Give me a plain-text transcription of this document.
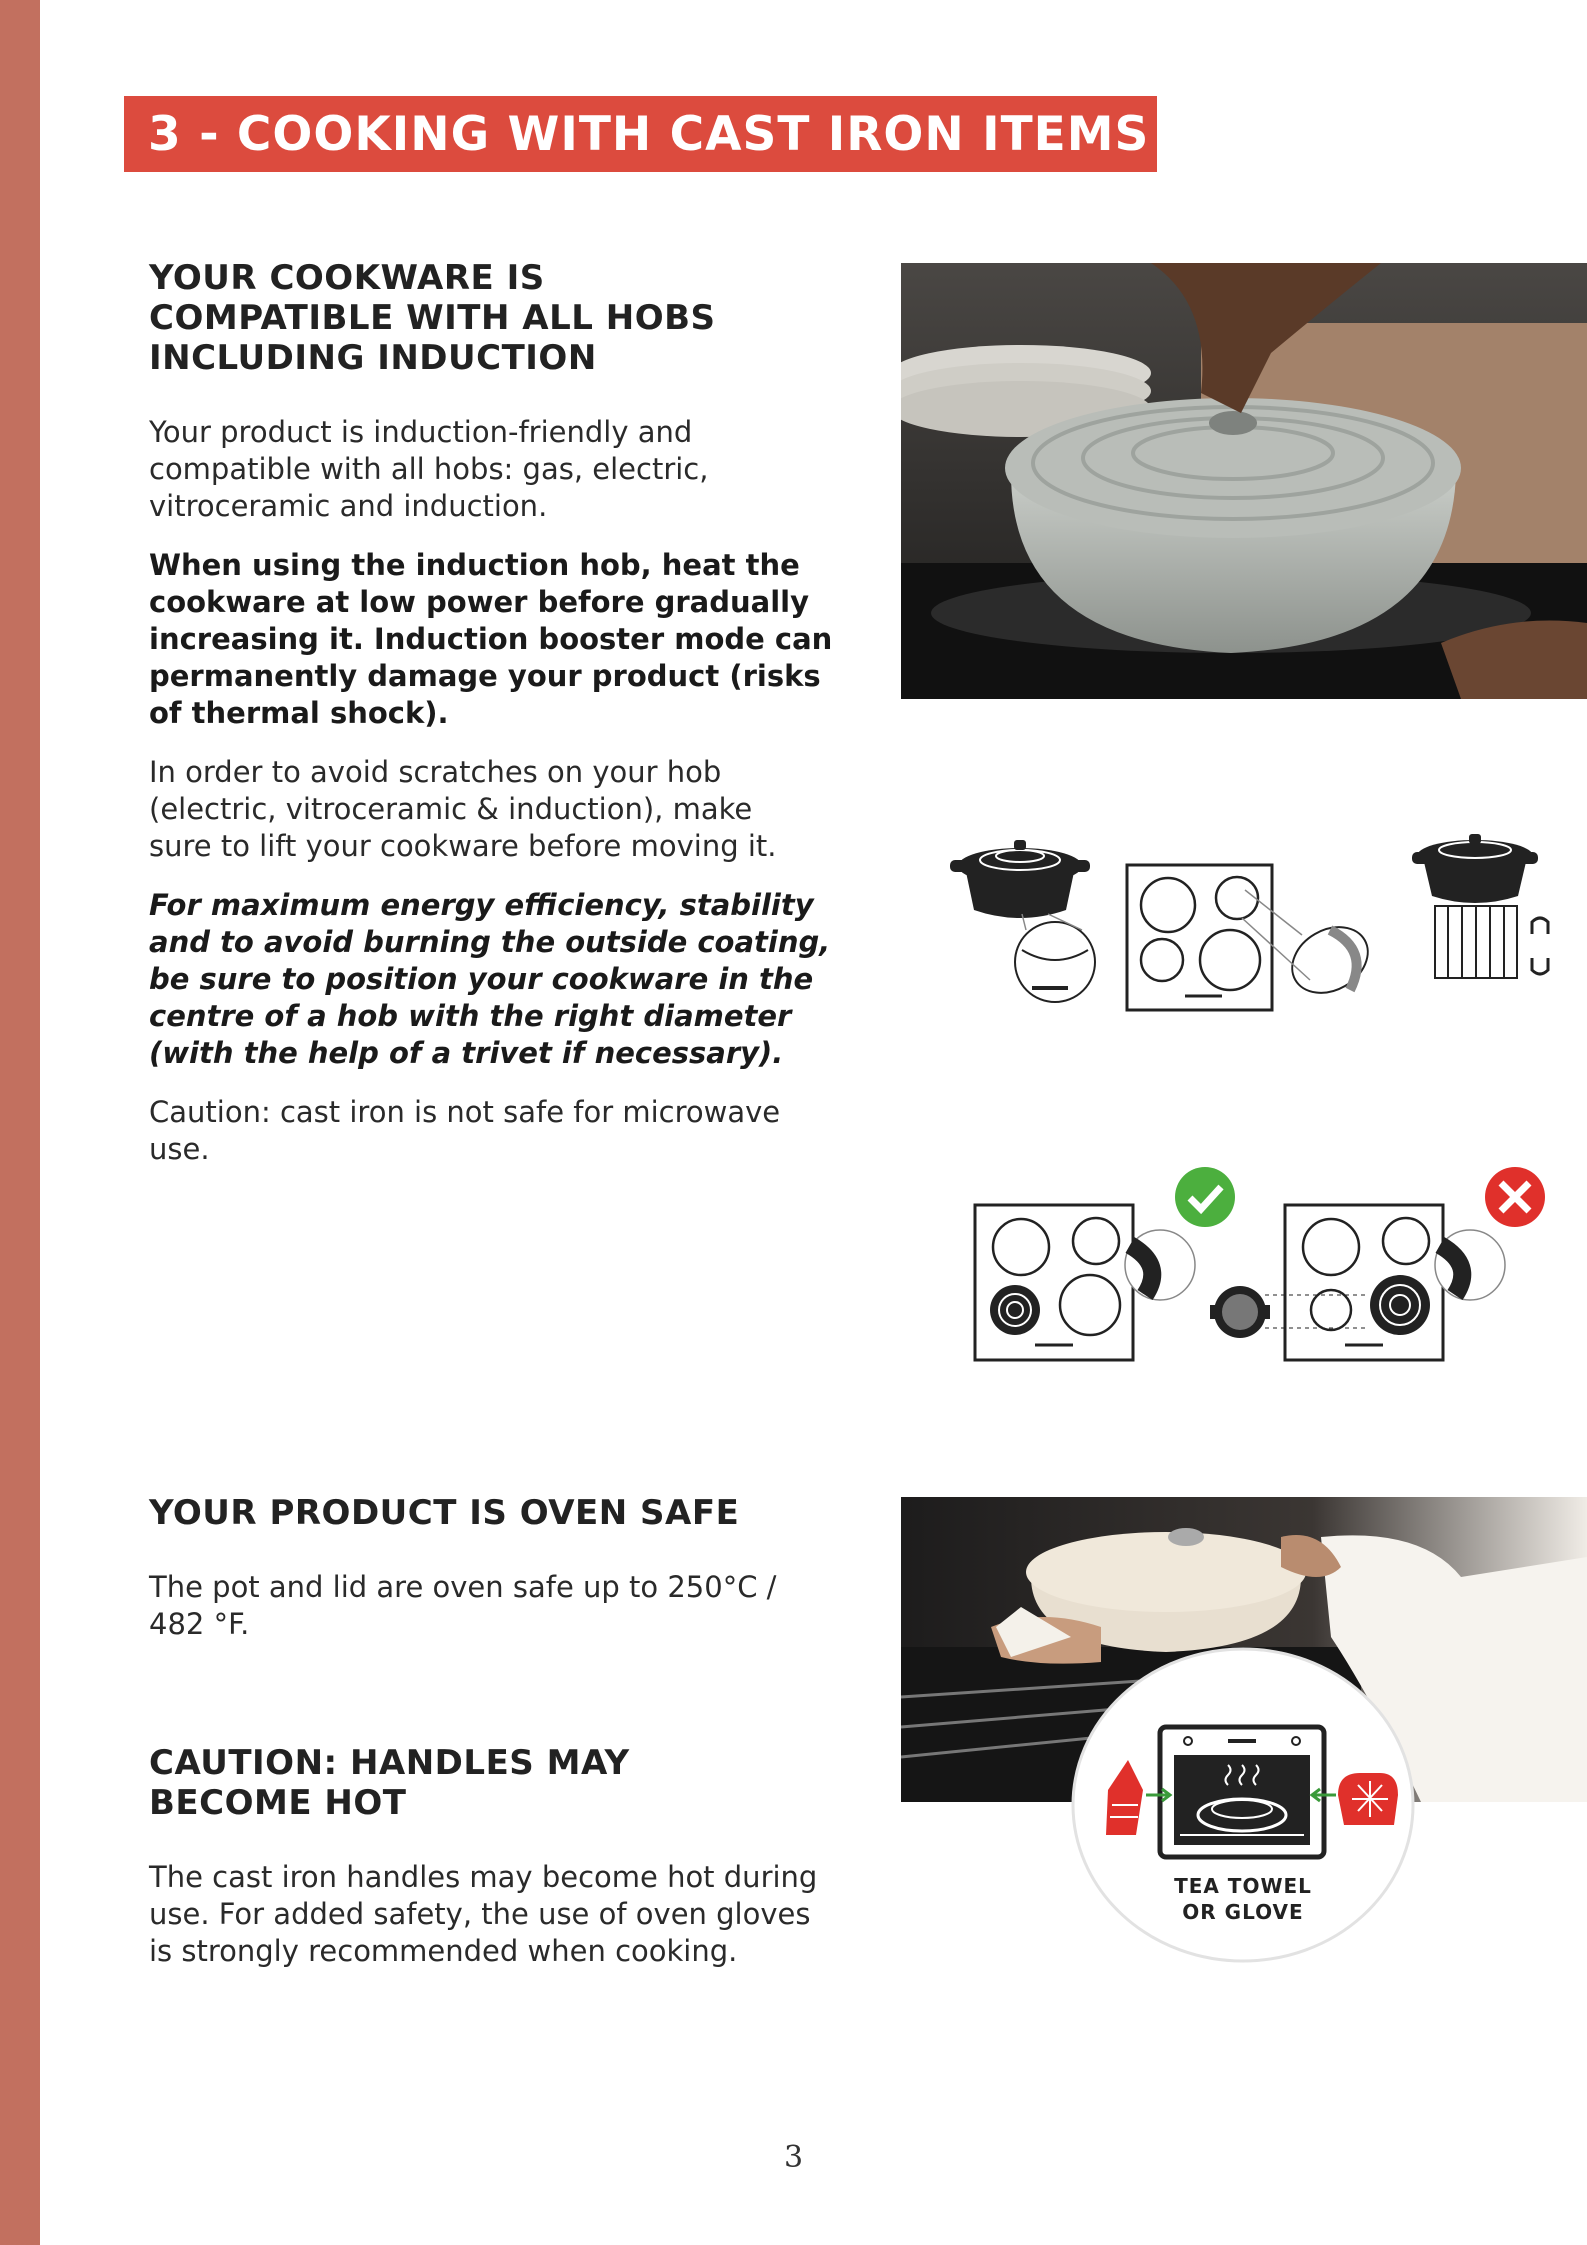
3 - COOKING WITH CAST IRON ITEMS
YOUR COOKWARE IS COMPATIBLE WITH ALL HOBS INCLUDING INDUCTION

Your product is induction-friendly and compatible with all hobs: gas, electric, vitroceramic and induction.

When using the induction hob, heat the cookware at low power before gradually increasing it. Induction booster mode can permanently damage your product (risks of thermal shock).

In order to avoid scratches on your hob (electric, vitroceramic & induction), make sure to lift your cookware before moving it.

For maximum energy efficiency, stability and to avoid burning the outside coating, be sure to position your cookware in the centre of a hob with the right diameter (with the help of a trivet if necessary).

Caution: cast iron is not safe for microwave use.

YOUR PRODUCT IS OVEN SAFE

The pot and lid are oven safe up to 250°C / 482 °F.

CAUTION: HANDLES MAY BECOME HOT

The cast iron handles may become hot during use. For added safety, the use of oven gloves is strongly recommended when cooking.

TEA TOWEL
OR GLOVE
3
